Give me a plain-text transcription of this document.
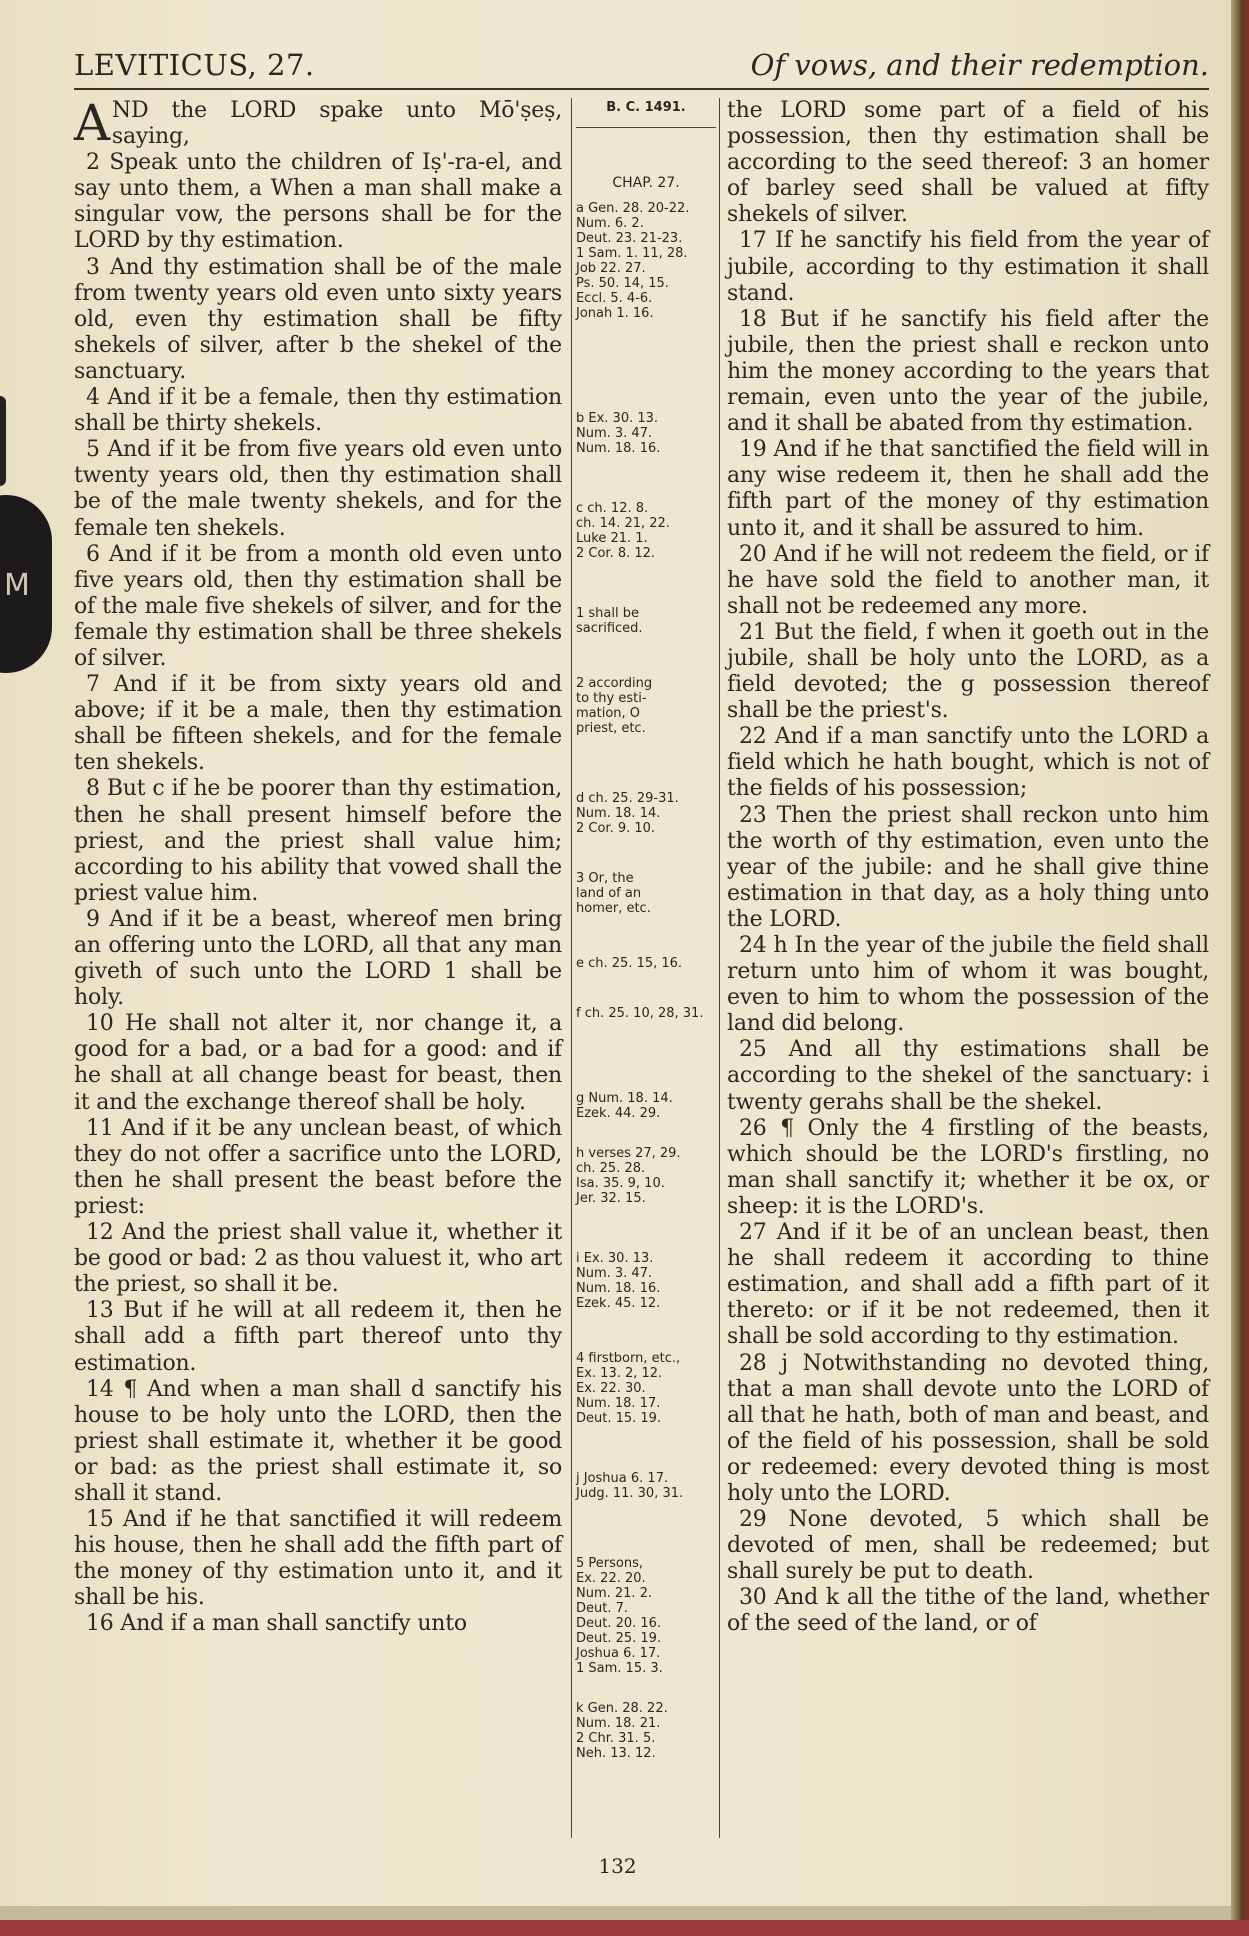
M
LEVITICUS, 27.	Of vows, and their redemption.

AND the LORD spake unto Mō'ṣeṣ, saying,

2 Speak unto the children of Iṣ'-ra-el, and say unto them, a When a man shall make a singular vow, the persons shall be for the LORD by thy estimation.

3 And thy estimation shall be of the male from twenty years old even unto sixty years old, even thy estimation shall be fifty shekels of silver, after b the shekel of the sanctuary.

4 And if it be a female, then thy estimation shall be thirty shekels.

5 And if it be from five years old even unto twenty years old, then thy estimation shall be of the male twenty shekels, and for the female ten shekels.

6 And if it be from a month old even unto five years old, then thy estimation shall be of the male five shekels of silver, and for the female thy estimation shall be three shekels of silver.

7 And if it be from sixty years old and above; if it be a male, then thy estimation shall be fifteen shekels, and for the female ten shekels.

8 But c if he be poorer than thy estimation, then he shall present himself before the priest, and the priest shall value him; according to his ability that vowed shall the priest value him.

9 And if it be a beast, whereof men bring an offering unto the LORD, all that any man giveth of such unto the LORD 1 shall be holy.

10 He shall not alter it, nor change it, a good for a bad, or a bad for a good: and if he shall at all change beast for beast, then it and the exchange thereof shall be holy.

11 And if it be any unclean beast, of which they do not offer a sacrifice unto the LORD, then he shall present the beast before the priest:

12 And the priest shall value it, whether it be good or bad: 2 as thou valuest it, who art the priest, so shall it be.

13 But if he will at all redeem it, then he shall add a fifth part thereof unto thy estimation.

14 ¶ And when a man shall d sanctify his house to be holy unto the LORD, then the priest shall estimate it, whether it be good or bad: as the priest shall estimate it, so shall it stand.

15 And if he that sanctified it will redeem his house, then he shall add the fifth part of the money of thy estimation unto it, and it shall be his.

16 And if a man shall sanctify unto

B. C. 1491.
CHAP. 27.
a Gen. 28. 20-22.
Num. 6. 2.
Deut. 23. 21-23.
1 Sam. 1. 11, 28.
Job 22. 27.
Ps. 50. 14, 15.
Eccl. 5. 4-6.
Jonah 1. 16.
b Ex. 30. 13.
Num. 3. 47.
Num. 18. 16.
c ch. 12. 8.
ch. 14. 21, 22.
Luke 21. 1.
2 Cor. 8. 12.
1 shall be
sacrificed.
2 according
to thy esti-
mation, O
priest, etc.
d ch. 25. 29-31.
Num. 18. 14.
2 Cor. 9. 10.
3 Or, the
land of an
homer, etc.
e ch. 25. 15, 16.
f ch. 25. 10, 28, 31.
g Num. 18. 14.
Ezek. 44. 29.
h verses 27, 29.
ch. 25. 28.
Isa. 35. 9, 10.
Jer. 32. 15.
i Ex. 30. 13.
Num. 3. 47.
Num. 18. 16.
Ezek. 45. 12.
4 firstborn, etc.,
Ex. 13. 2, 12.
Ex. 22. 30.
Num. 18. 17.
Deut. 15. 19.
j Joshua 6. 17.
Judg. 11. 30, 31.
5 Persons,
Ex. 22. 20.
Num. 21. 2.
Deut. 7.
Deut. 20. 16.
Deut. 25. 19.
Joshua 6. 17.
1 Sam. 15. 3.
k Gen. 28. 22.
Num. 18. 21.
2 Chr. 31. 5.
Neh. 13. 12.

the LORD some part of a field of his possession, then thy estimation shall be according to the seed thereof: 3 an homer of barley seed shall be valued at fifty shekels of silver.

17 If he sanctify his field from the year of jubile, according to thy estimation it shall stand.

18 But if he sanctify his field after the jubile, then the priest shall e reckon unto him the money according to the years that remain, even unto the year of the jubile, and it shall be abated from thy estimation.

19 And if he that sanctified the field will in any wise redeem it, then he shall add the fifth part of the money of thy estimation unto it, and it shall be assured to him.

20 And if he will not redeem the field, or if he have sold the field to another man, it shall not be redeemed any more.

21 But the field, f when it goeth out in the jubile, shall be holy unto the LORD, as a field devoted; the g possession thereof shall be the priest's.

22 And if a man sanctify unto the LORD a field which he hath bought, which is not of the fields of his possession;

23 Then the priest shall reckon unto him the worth of thy estimation, even unto the year of the jubile: and he shall give thine estimation in that day, as a holy thing unto the LORD.

24 h In the year of the jubile the field shall return unto him of whom it was bought, even to him to whom the possession of the land did belong.

25 And all thy estimations shall be according to the shekel of the sanctuary: i twenty gerahs shall be the shekel.

26 ¶ Only the 4 firstling of the beasts, which should be the LORD's firstling, no man shall sanctify it; whether it be ox, or sheep: it is the LORD's.

27 And if it be of an unclean beast, then he shall redeem it according to thine estimation, and shall add a fifth part of it thereto: or if it be not redeemed, then it shall be sold according to thy estimation.

28 j Notwithstanding no devoted thing, that a man shall devote unto the LORD of all that he hath, both of man and beast, and of the field of his possession, shall be sold or redeemed: every devoted thing is most holy unto the LORD.

29 None devoted, 5 which shall be devoted of men, shall be redeemed; but shall surely be put to death.

30 And k all the tithe of the land, whether of the seed of the land, or of

132
